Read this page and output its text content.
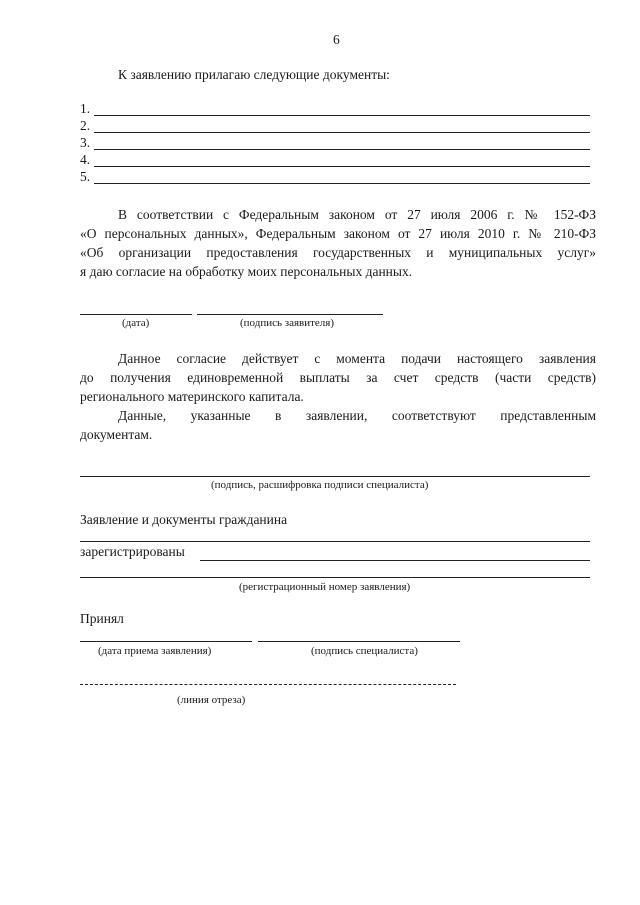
6
К заявлению прилагаю следующие документы:
1.
2.
3.
4.
5.
В соответствии с Федеральным законом от 27 июля 2006 г. № 152-ФЗ
«О персональных данных», Федеральным законом от 27 июля 2010 г. № 210-ФЗ
«Об организации предоставления государственных и муниципальных услуг»
я даю согласие на обработку моих персональных данных.
(дата)	(подпись заявителя)
Данное согласие действует с момента подачи настоящего заявления
до получения единовременной выплаты за счет средств (части средств)
регионального материнского капитала.
Данные, указанные в заявлении, соответствуют представленным
документам.
(подпись, расшифровка подписи специалиста)
Заявление и документы гражданина
зарегистрированы
(регистрационный номер заявления)
Принял
(дата приема заявления)	(подпись специалиста)
(линия отреза)
